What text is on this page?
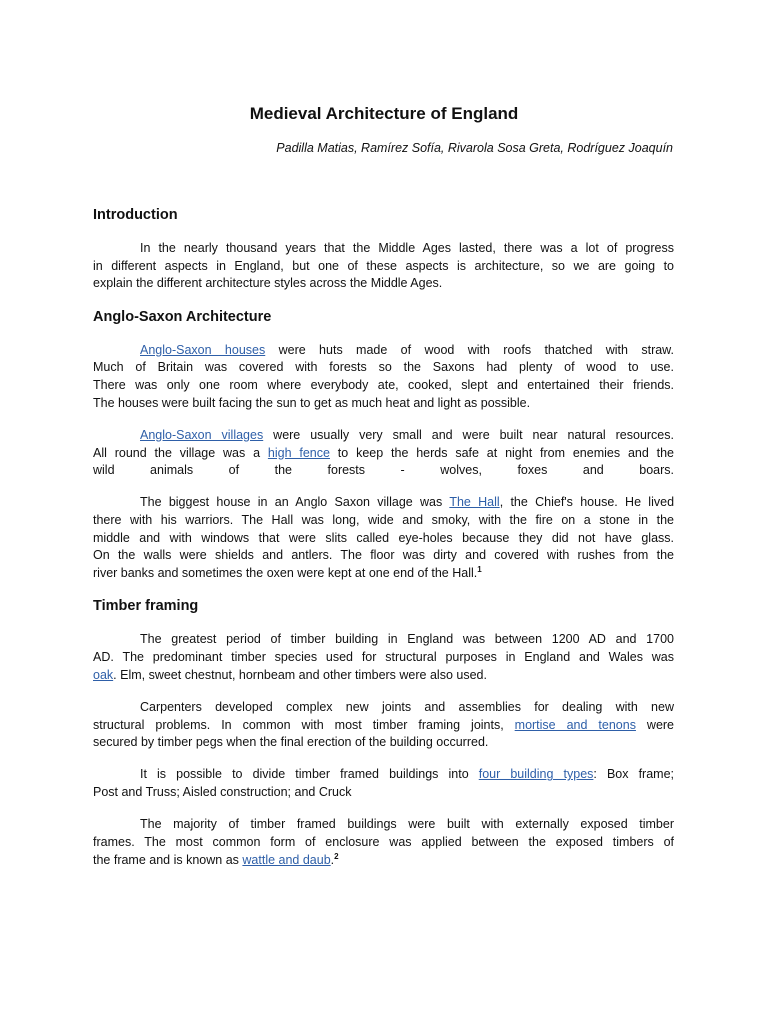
Medieval Architecture of England

Padilla Matias, Ramírez Sofía, Rivarola Sosa Greta, Rodríguez Joaquín

Introduction
In the nearly thousand years that the Middle Ages lasted, there was a lot of progress
in different aspects in England, but one of these aspects is architecture, so we are going to
explain the different architecture styles across the Middle Ages.
Anglo-Saxon Architecture
Anglo-Saxon houses were huts made of wood with roofs thatched with straw.
Much of Britain was covered with forests so the Saxons had plenty of wood to use.
There was only one room where everybody ate, cooked, slept and entertained their friends.
The houses were built facing the sun to get as much heat and light as possible.
Anglo-Saxon villages were usually very small and were built near natural resources.
All round the village was a high fence to keep the herds safe at night from enemies and the
wild animals of the forests - wolves, foxes and boars.
The biggest house in an Anglo Saxon village was The Hall, the Chief's house. He lived
there with his warriors. The Hall was long, wide and smoky, with the fire on a stone in the
middle and with windows that were slits called eye-holes because they did not have glass.
On the walls were shields and antlers. The floor was dirty and covered with rushes from the
river banks and sometimes the oxen were kept at one end of the Hall.$^1$
Timber framing
The greatest period of timber building in England was between 1200 AD and 1700
AD. The predominant timber species used for structural purposes in England and Wales was
oak. Elm, sweet chestnut, hornbeam and other timbers were also used.
Carpenters developed complex new joints and assemblies for dealing with new
structural problems. In common with most timber framing joints, mortise and tenons were
secured by timber pegs when the final erection of the building occurred.
It is possible to divide timber framed buildings into four building types: Box frame;
Post and Truss; Aisled construction; and Cruck
The majority of timber framed buildings were built with externally exposed timber
frames. The most common form of enclosure was applied between the exposed timbers of
the frame and is known as wattle and daub.$^2$
